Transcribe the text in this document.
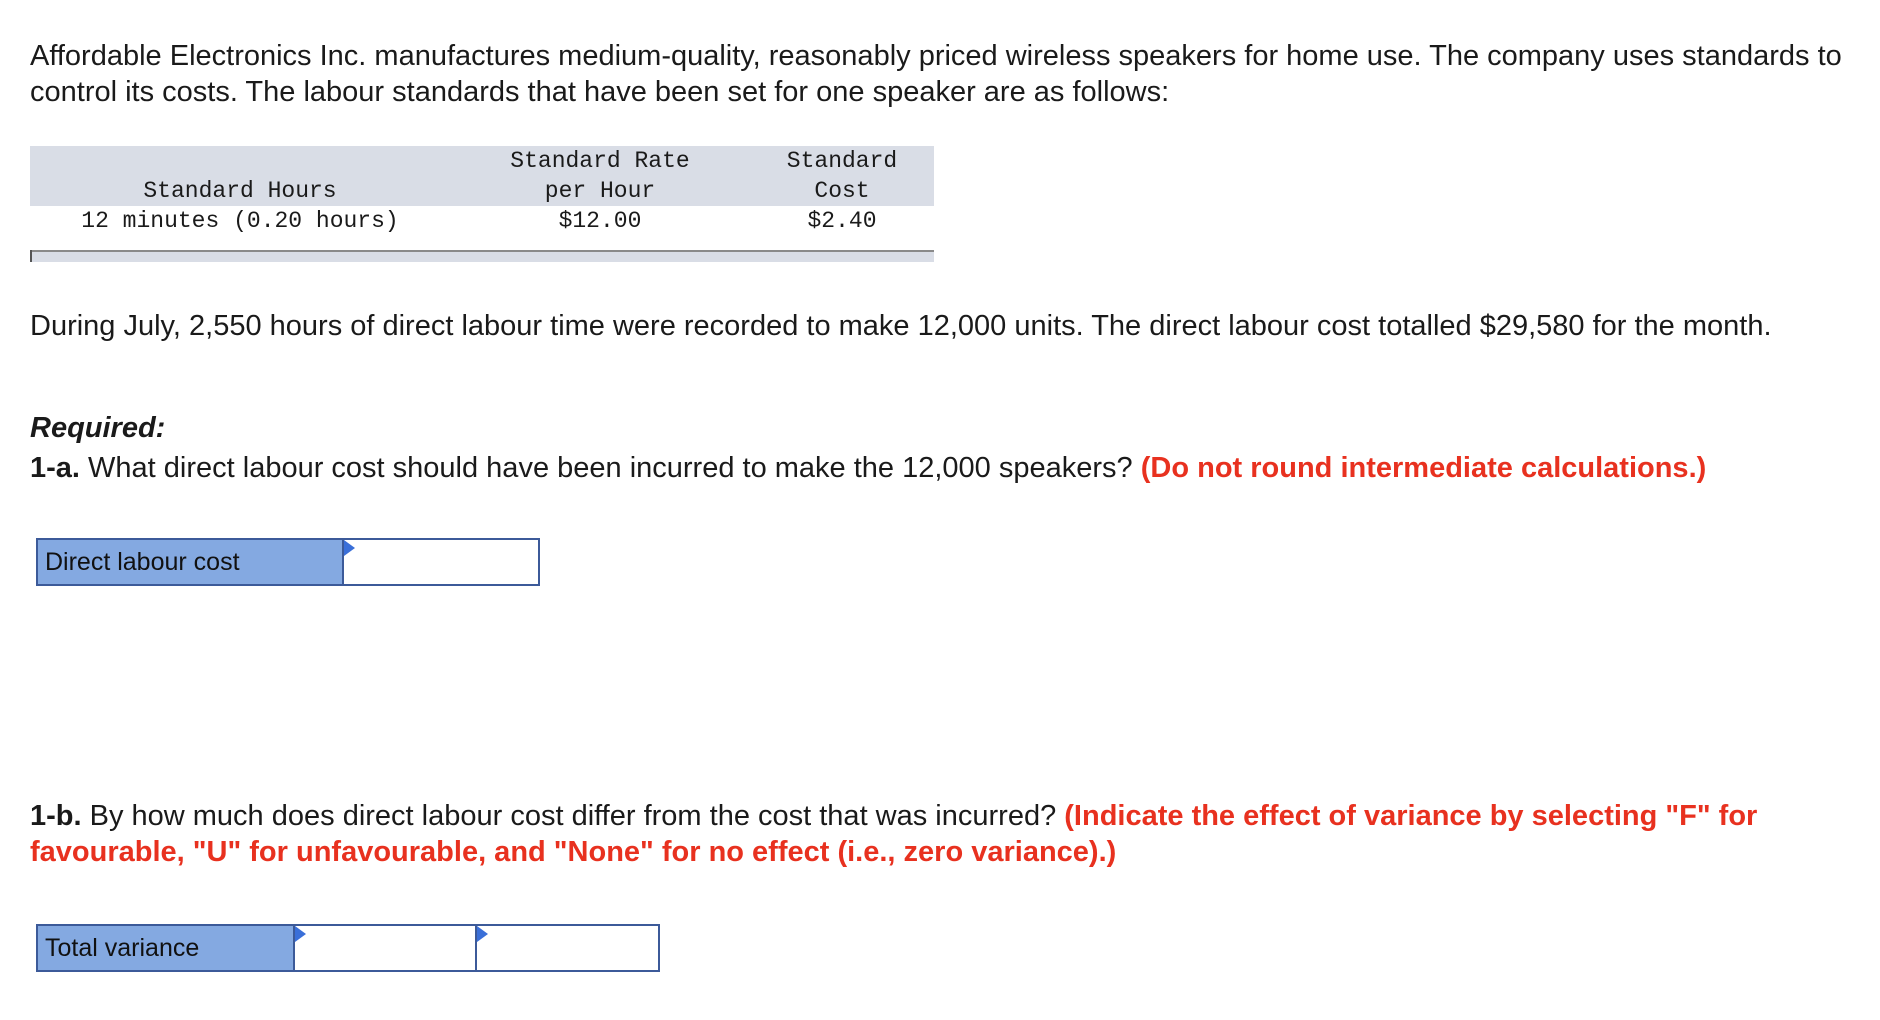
Affordable Electronics Inc. manufactures medium-quality, reasonably priced wireless speakers for home use. The company uses standards to control its costs. The labour standards that have been set for one speaker are as follows:

Standard Hours
Standard Rate
per Hour
Standard
Cost
12 minutes (0.20 hours)	$12.00	$2.40

During July, 2,550 hours of direct labour time were recorded to make 12,000 units. The direct labour cost totalled $29,580 for the month.

Required:
1-a. What direct labour cost should have been incurred to make the 12,000 speakers? (Do not round intermediate calculations.)
Direct labour cost
1-b. By how much does direct labour cost differ from the cost that was incurred? (Indicate the effect of variance by selecting "F" for favourable, "U" for unfavourable, and "None" for no effect (i.e., zero variance).)
Total variance
